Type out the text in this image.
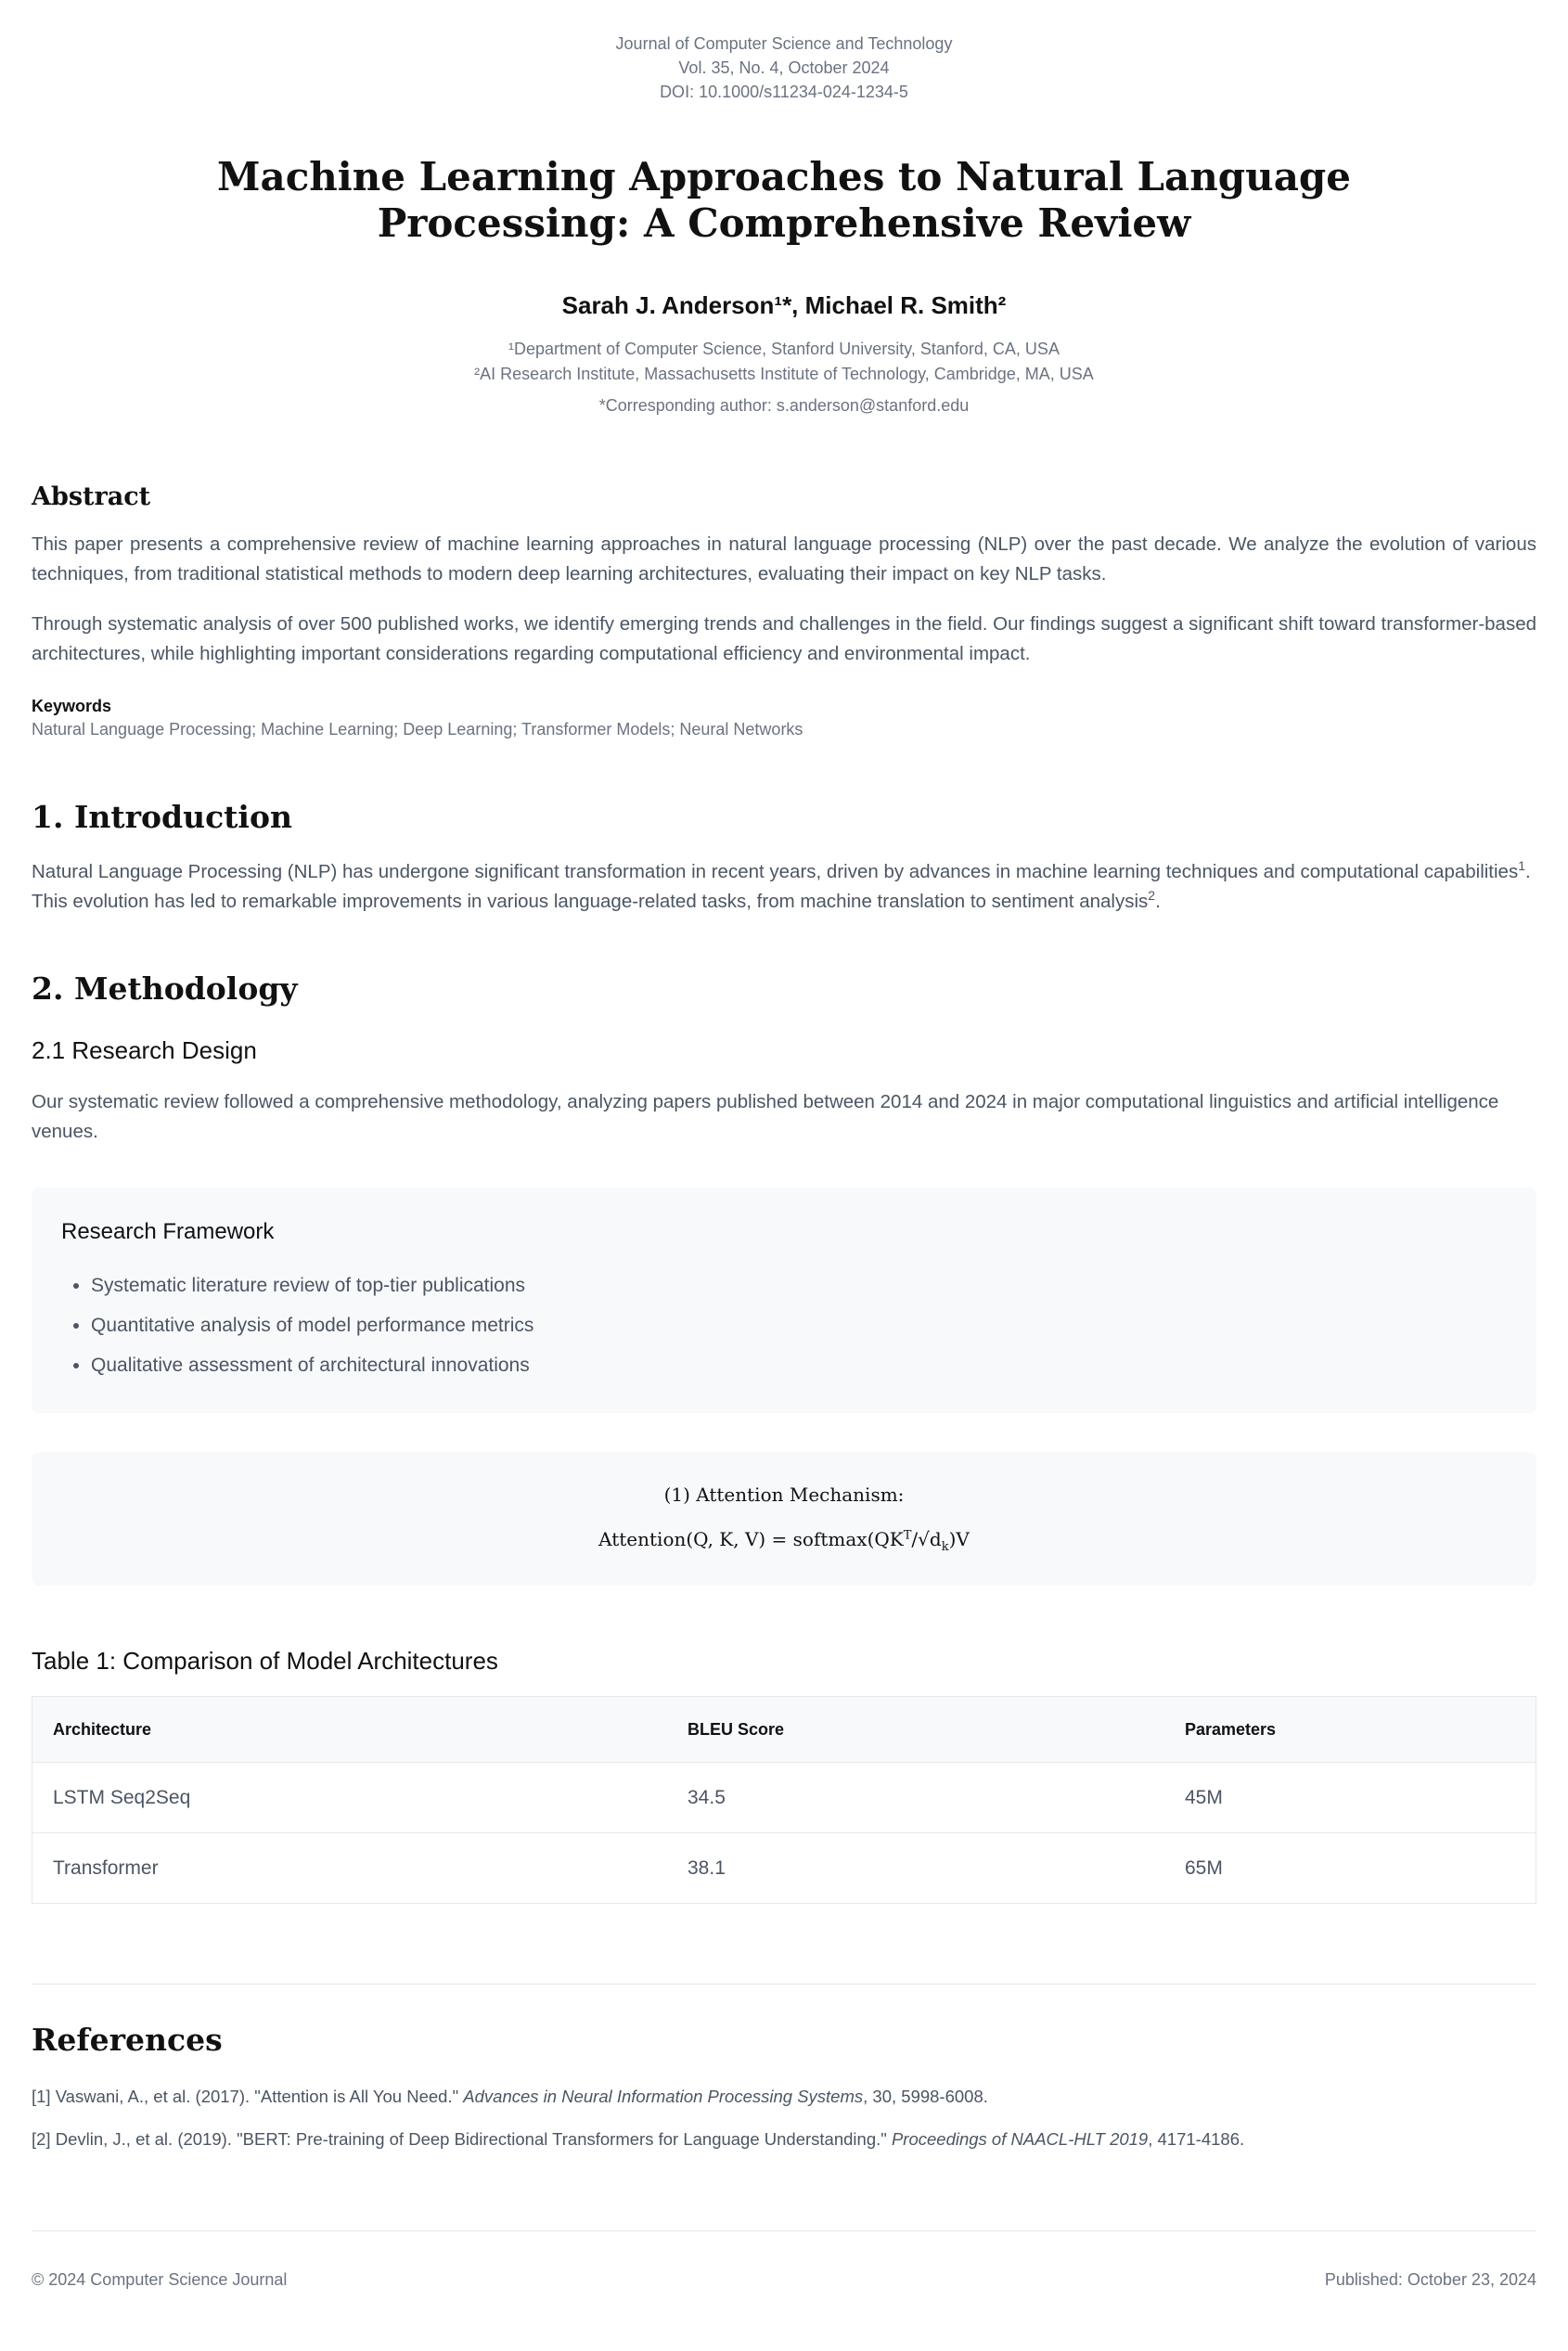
Journal of Computer Science and Technology
Vol. 35, No. 4, October 2024
DOI: 10.1000/s11234-024-1234-5
Machine Learning Approaches to Natural Language Processing: A Comprehensive Review
Sarah J. Anderson¹*, Michael R. Smith²
¹Department of Computer Science, Stanford University, Stanford, CA, USA
²AI Research Institute, Massachusetts Institute of Technology, Cambridge, MA, USA
*Corresponding author: s.anderson@stanford.edu
Abstract

This paper presents a comprehensive review of machine learning approaches in natural language processing (NLP) over the past decade. We analyze the evolution of various techniques, from traditional statistical methods to modern deep learning architectures, evaluating their impact on key NLP tasks.

Through systematic analysis of over 500 published works, we identify emerging trends and challenges in the field. Our findings suggest a significant shift toward transformer-based architectures, while highlighting important considerations regarding computational efficiency and environmental impact.

Keywords
Natural Language Processing; Machine Learning; Deep Learning; Transformer Models; Neural Networks
1. Introduction

Natural Language Processing (NLP) has undergone significant transformation in recent years, driven by advances in machine learning techniques and computational capabilities$^1$. This evolution has led to remarkable improvements in various language-related tasks, from machine translation to sentiment analysis$^2$.

2. Methodology
2.1 Research Design

Our systematic review followed a comprehensive methodology, analyzing papers published between 2014 and 2024 in major computational linguistics and artificial intelligence venues.

Research Framework
• Systematic literature review of top-tier publications
• Quantitative analysis of model performance metrics
• Qualitative assessment of architectural innovations
(1) Attention Mechanism:
Attention(Q, K, $V) = softmax(QK^T/√d_k)V$
Table 1: Comparison of Model Architectures
Architecture	BLEU Score	Parameters
LSTM Seq2Seq	34.5	45M
Transformer	38.1	65M
References
[1] Vaswani, A., et al. (2017). "Attention is All You Need." Advances in Neural Information Processing Systems, 30, 5998-6008.
[2] Devlin, J., et al. (2019). "BERT: Pre-training of Deep Bidirectional Transformers for Language Understanding." Proceedings of NAACL-HLT 2019, 4171-4186.
© 2024 Computer Science Journal	Published: October 23, 2024
